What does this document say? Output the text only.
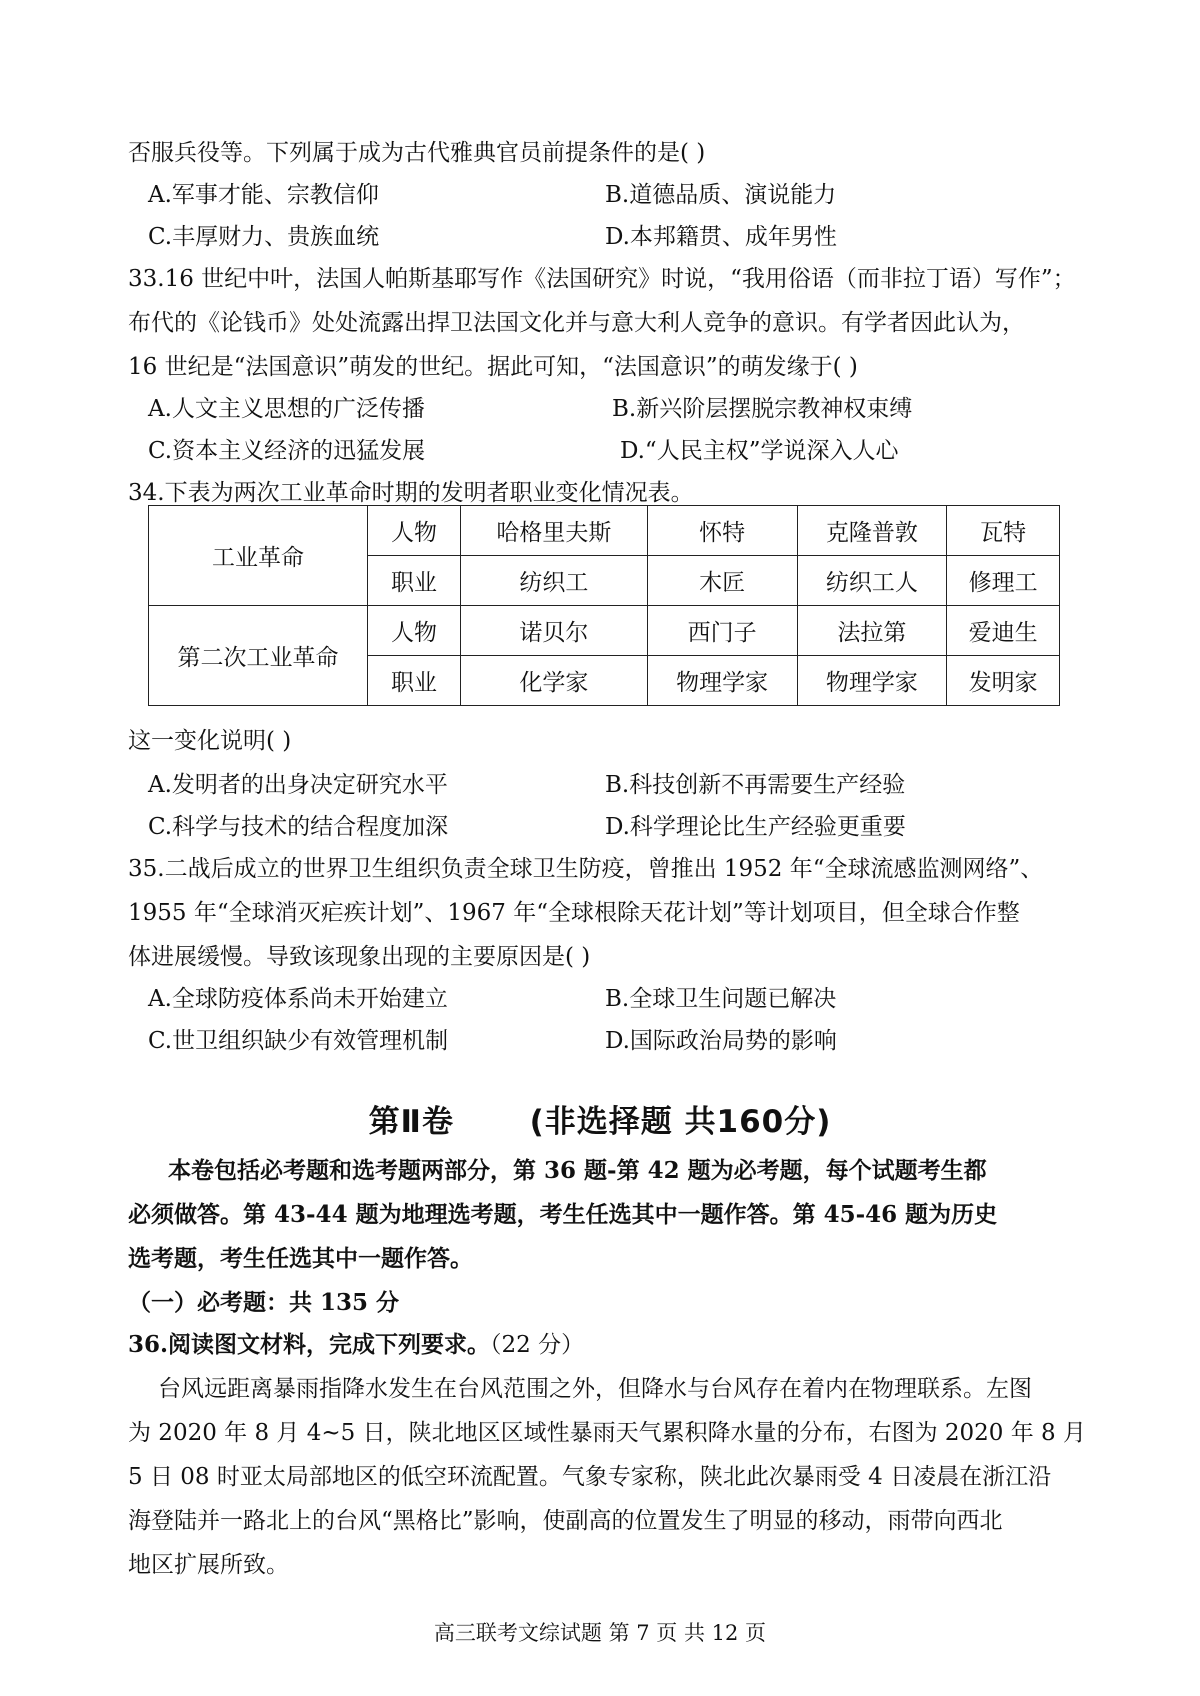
否服兵役等。下列属于成为古代雅典官员前提条件的是( )
A.军事才能、宗教信仰	B.道德品质、演说能力
C.丰厚财力、贵族血统	D.本邦籍贯、成年男性
33.16 世纪中叶，法国人帕斯基耶写作《法国研究》时说，“我用俗语（而非拉丁语）写作”；
布代的《论钱币》处处流露出捍卫法国文化并与意大利人竞争的意识。有学者因此认为，
16 世纪是“法国意识”萌发的世纪。据此可知，“法国意识”的萌发缘于( )
A.人文主义思想的广泛传播	B.新兴阶层摆脱宗教神权束缚
C.资本主义经济的迅猛发展	D.“人民主权”学说深入人心
34.下表为两次工业革命时期的发明者职业变化情况表。
工业革命	人物	哈格里夫斯	怀特	克隆普敦	瓦特
	职业	纺织工	木匠	纺织工人	修理工
第二次工业革命	人物	诺贝尔	西门子	法拉第	爱迪生
	职业	化学家	物理学家	物理学家	发明家
这一变化说明( )
A.发明者的出身决定研究水平	B.科技创新不再需要生产经验
C.科学与技术的结合程度加深	D.科学理论比生产经验更重要
35.二战后成立的世界卫生组织负责全球卫生防疫，曾推出 1952 年“全球流感监测网络”、
1955 年“全球消灭疟疾计划”、1967 年“全球根除天花计划”等计划项目，但全球合作整
体进展缓慢。导致该现象出现的主要原因是( )
A.全球防疫体系尚未开始建立	B.全球卫生问题已解决
C.世卫组织缺少有效管理机制	D.国际政治局势的影响
第Ⅱ卷 (非选择题 共160分)
本卷包括必考题和选考题两部分，第 36 题-第 42 题为必考题，每个试题考生都
必须做答。第 43-44 题为地理选考题，考生任选其中一题作答。第 45-46 题为历史
选考题，考生任选其中一题作答。
（一）必考题：共 135 分
36.阅读图文材料，完成下列要求。（22 分）
台风远距离暴雨指降水发生在台风范围之外，但降水与台风存在着内在物理联系。左图
为 2020 年 8 月 4~5 日，陕北地区区域性暴雨天气累积降水量的分布，右图为 2020 年 8 月
5 日 08 时亚太局部地区的低空环流配置。气象专家称，陕北此次暴雨受 4 日凌晨在浙江沿
海登陆并一路北上的台风“黑格比”影响，使副高的位置发生了明显的移动，雨带向西北
地区扩展所致。
高三联考文综试题 第 7 页 共 12 页
